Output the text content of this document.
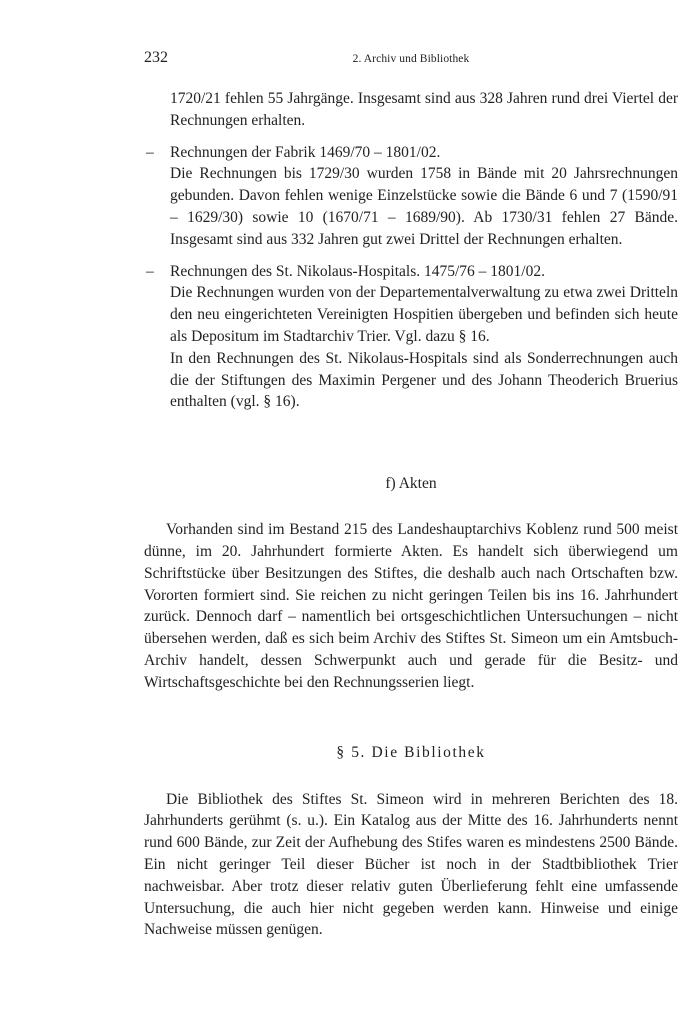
232	2. Archiv und Bibliothek

1720/21 fehlen 55 Jahrgänge. Insgesamt sind aus 328 Jahren rund drei Viertel der Rechnungen erhalten.

– Rechnungen der Fabrik 1469/70 – 1801/02.

Die Rechnungen bis 1729/30 wurden 1758 in Bände mit 20 Jahrsrechnungen gebunden. Davon fehlen wenige Einzelstücke sowie die Bände 6 und 7 (1590/91 – 1629/30) sowie 10 (1670/71 – 1689/90). Ab 1730/31 fehlen 27 Bände. Insgesamt sind aus 332 Jahren gut zwei Drittel der Rechnungen erhalten.

– Rechnungen des St. Nikolaus-Hospitals. 1475/76 – 1801/02.

Die Rechnungen wurden von der Departementalverwaltung zu etwa zwei Dritteln den neu eingerichteten Vereinigten Hospitien übergeben und befinden sich heute als Depositum im Stadtarchiv Trier. Vgl. dazu § 16.

In den Rechnungen des St. Nikolaus-Hospitals sind als Sonderrechnungen auch die der Stiftungen des Maximin Pergener und des Johann Theoderich Bruerius enthalten (vgl. § 16).

f) Akten

Vorhanden sind im Bestand 215 des Landeshauptarchivs Koblenz rund 500 meist dünne, im 20. Jahrhundert formierte Akten. Es handelt sich überwiegend um Schriftstücke über Besitzungen des Stiftes, die deshalb auch nach Ortschaften bzw. Vororten formiert sind. Sie reichen zu nicht geringen Teilen bis ins 16. Jahrhundert zurück. Dennoch darf – namentlich bei ortsgeschichtlichen Untersuchungen – nicht übersehen werden, daß es sich beim Archiv des Stiftes St. Simeon um ein Amtsbuch-Archiv handelt, dessen Schwerpunkt auch und gerade für die Besitz- und Wirtschaftsgeschichte bei den Rechnungsserien liegt.

§ 5. Die Bibliothek

Die Bibliothek des Stiftes St. Simeon wird in mehreren Berichten des 18. Jahrhunderts gerühmt (s. u.). Ein Katalog aus der Mitte des 16. Jahrhunderts nennt rund 600 Bände, zur Zeit der Aufhebung des Stifes waren es mindestens 2500 Bände. Ein nicht geringer Teil dieser Bücher ist noch in der Stadtbibliothek Trier nachweisbar. Aber trotz dieser relativ guten Überlieferung fehlt eine umfassende Untersuchung, die auch hier nicht gegeben werden kann. Hinweise und einige Nachweise müssen genügen.
